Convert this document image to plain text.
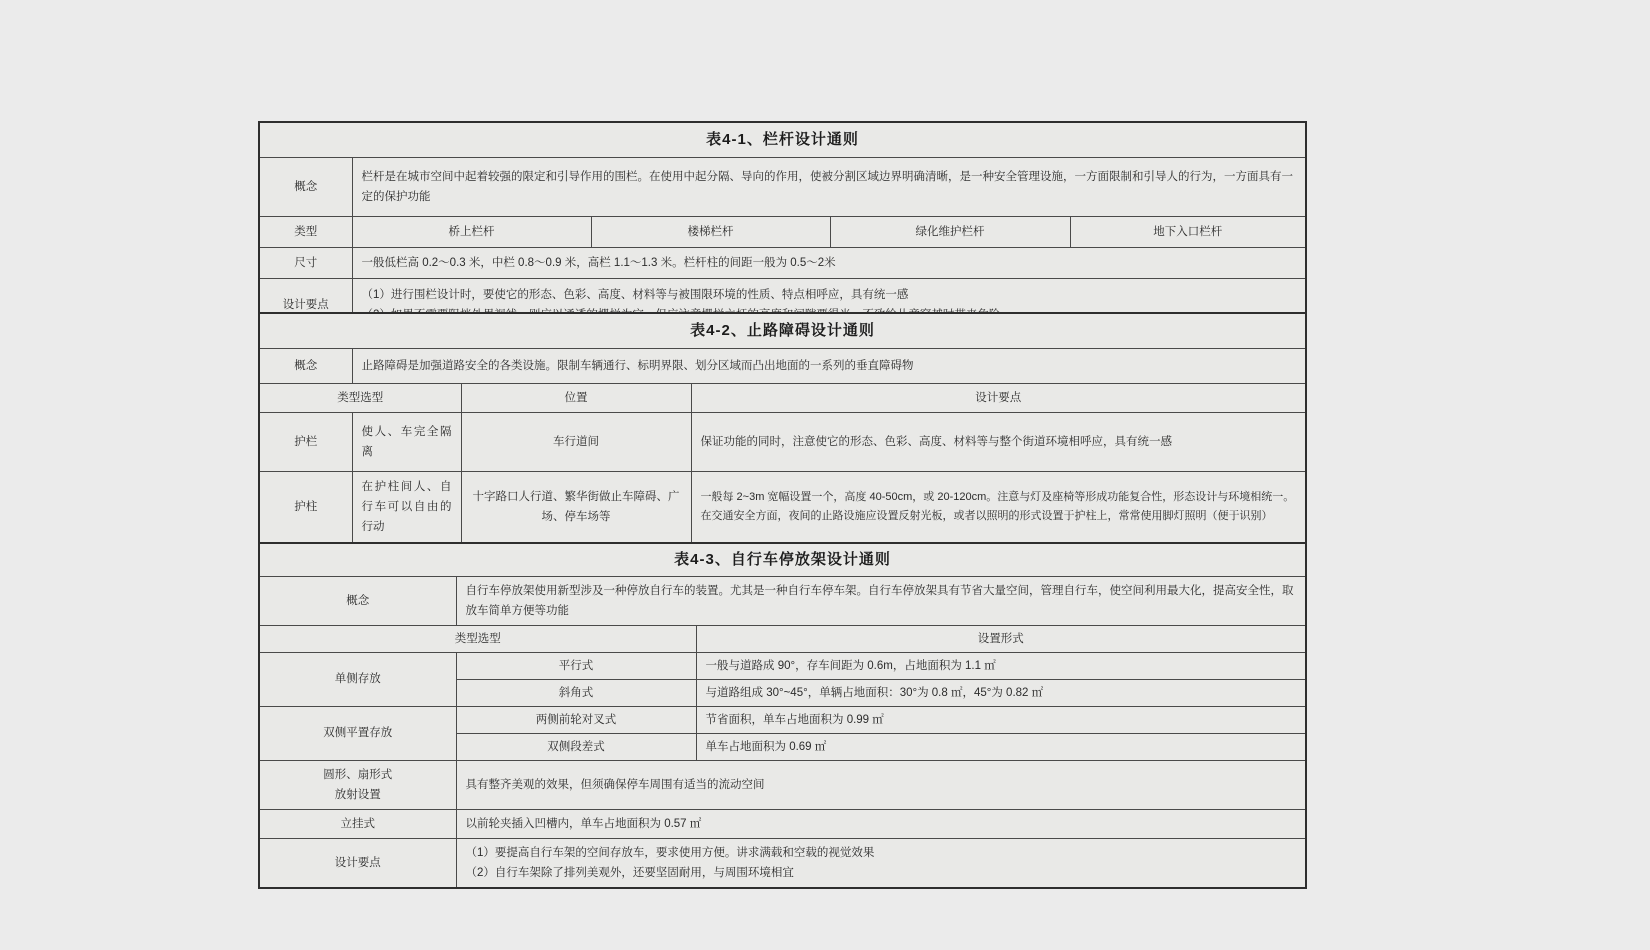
表4-1、栏杆设计通则				
概念	栏杆是在城市空间中起着较强的限定和引导作用的围栏。在使用中起分隔、导向的作用，使被分割区域边界明确清晰，是一种安全管理设施，一方面限制和引导人的行为，一方面具有一定的保护功能			
类型	桥上栏杆	楼梯栏杆	绿化维护栏杆	地下入口栏杆
尺寸	一般低栏高 0.2～0.3 米，中栏 0.8～0.9 米，高栏 1.1～1.3 米。栏杆柱的间距一般为 0.5～2米			
设计要点	（1）进行围栏设计时，要使它的形态、色彩、高度、材料等与被围限环境的性质、特点相呼应，具有统一感			
表4-2、止路障碍设计通则			
概念	止路障碍是加强道路安全的各类设施。限制车辆通行、标明界限、划分区域而凸出地面的一系列的垂直障碍物		
类型选型		位置	设计要点
护栏	使人、车完全隔离	车行道间	保证功能的同时，注意使它的形态、色彩、高度、材料等与整个街道环境相呼应，具有统一感
护柱	在护柱间人、自行车可以自由的行动	十字路口人行道、繁华街做止车障碍、广场、停车场等	一般每 2~3m 宽幅设置一个，高度 40-50cm，或 20-120cm。注意与灯及座椅等形成功能复合性，形态设计与环境相统一。
在交通安全方面，夜间的止路设施应设置反射光板，或者以照明的形式设置于护柱上，常常使用脚灯照明（便于识别）
表4-3、自行车停放架设计通则		
概念	自行车停放架使用新型涉及一种停放自行车的装置。尤其是一种自行车停车架。自行车停放架具有节省大量空间，管理自行车，使空间利用最大化，提高安全性，取放车简单方便等功能	
类型选型		设置形式
单侧存放	平行式	一般与道路成 90°，存车间距为 0.6m，占地面积为 1.1 ㎡
	斜角式	与道路组成 30°~45°，单辆占地面积：30°为 0.8 ㎡，45°为 0.82 ㎡
双侧平置存放	两侧前轮对叉式	节省面积，单车占地面积为 0.99 ㎡
	双侧段差式	单车占地面积为 0.69 ㎡

圆形、扇形式
放射设置	具有整齐美观的效果，但须确保停车周围有适当的流动空间	
立挂式	以前轮夹插入凹槽内，单车占地面积为 0.57 ㎡	
设计要点	（1）要提高自行车架的空间存放车，要求使用方便。讲求满载和空载的视觉效果
（2）自行车架除了排列美观外，还要坚固耐用，与周围环境相宜	
